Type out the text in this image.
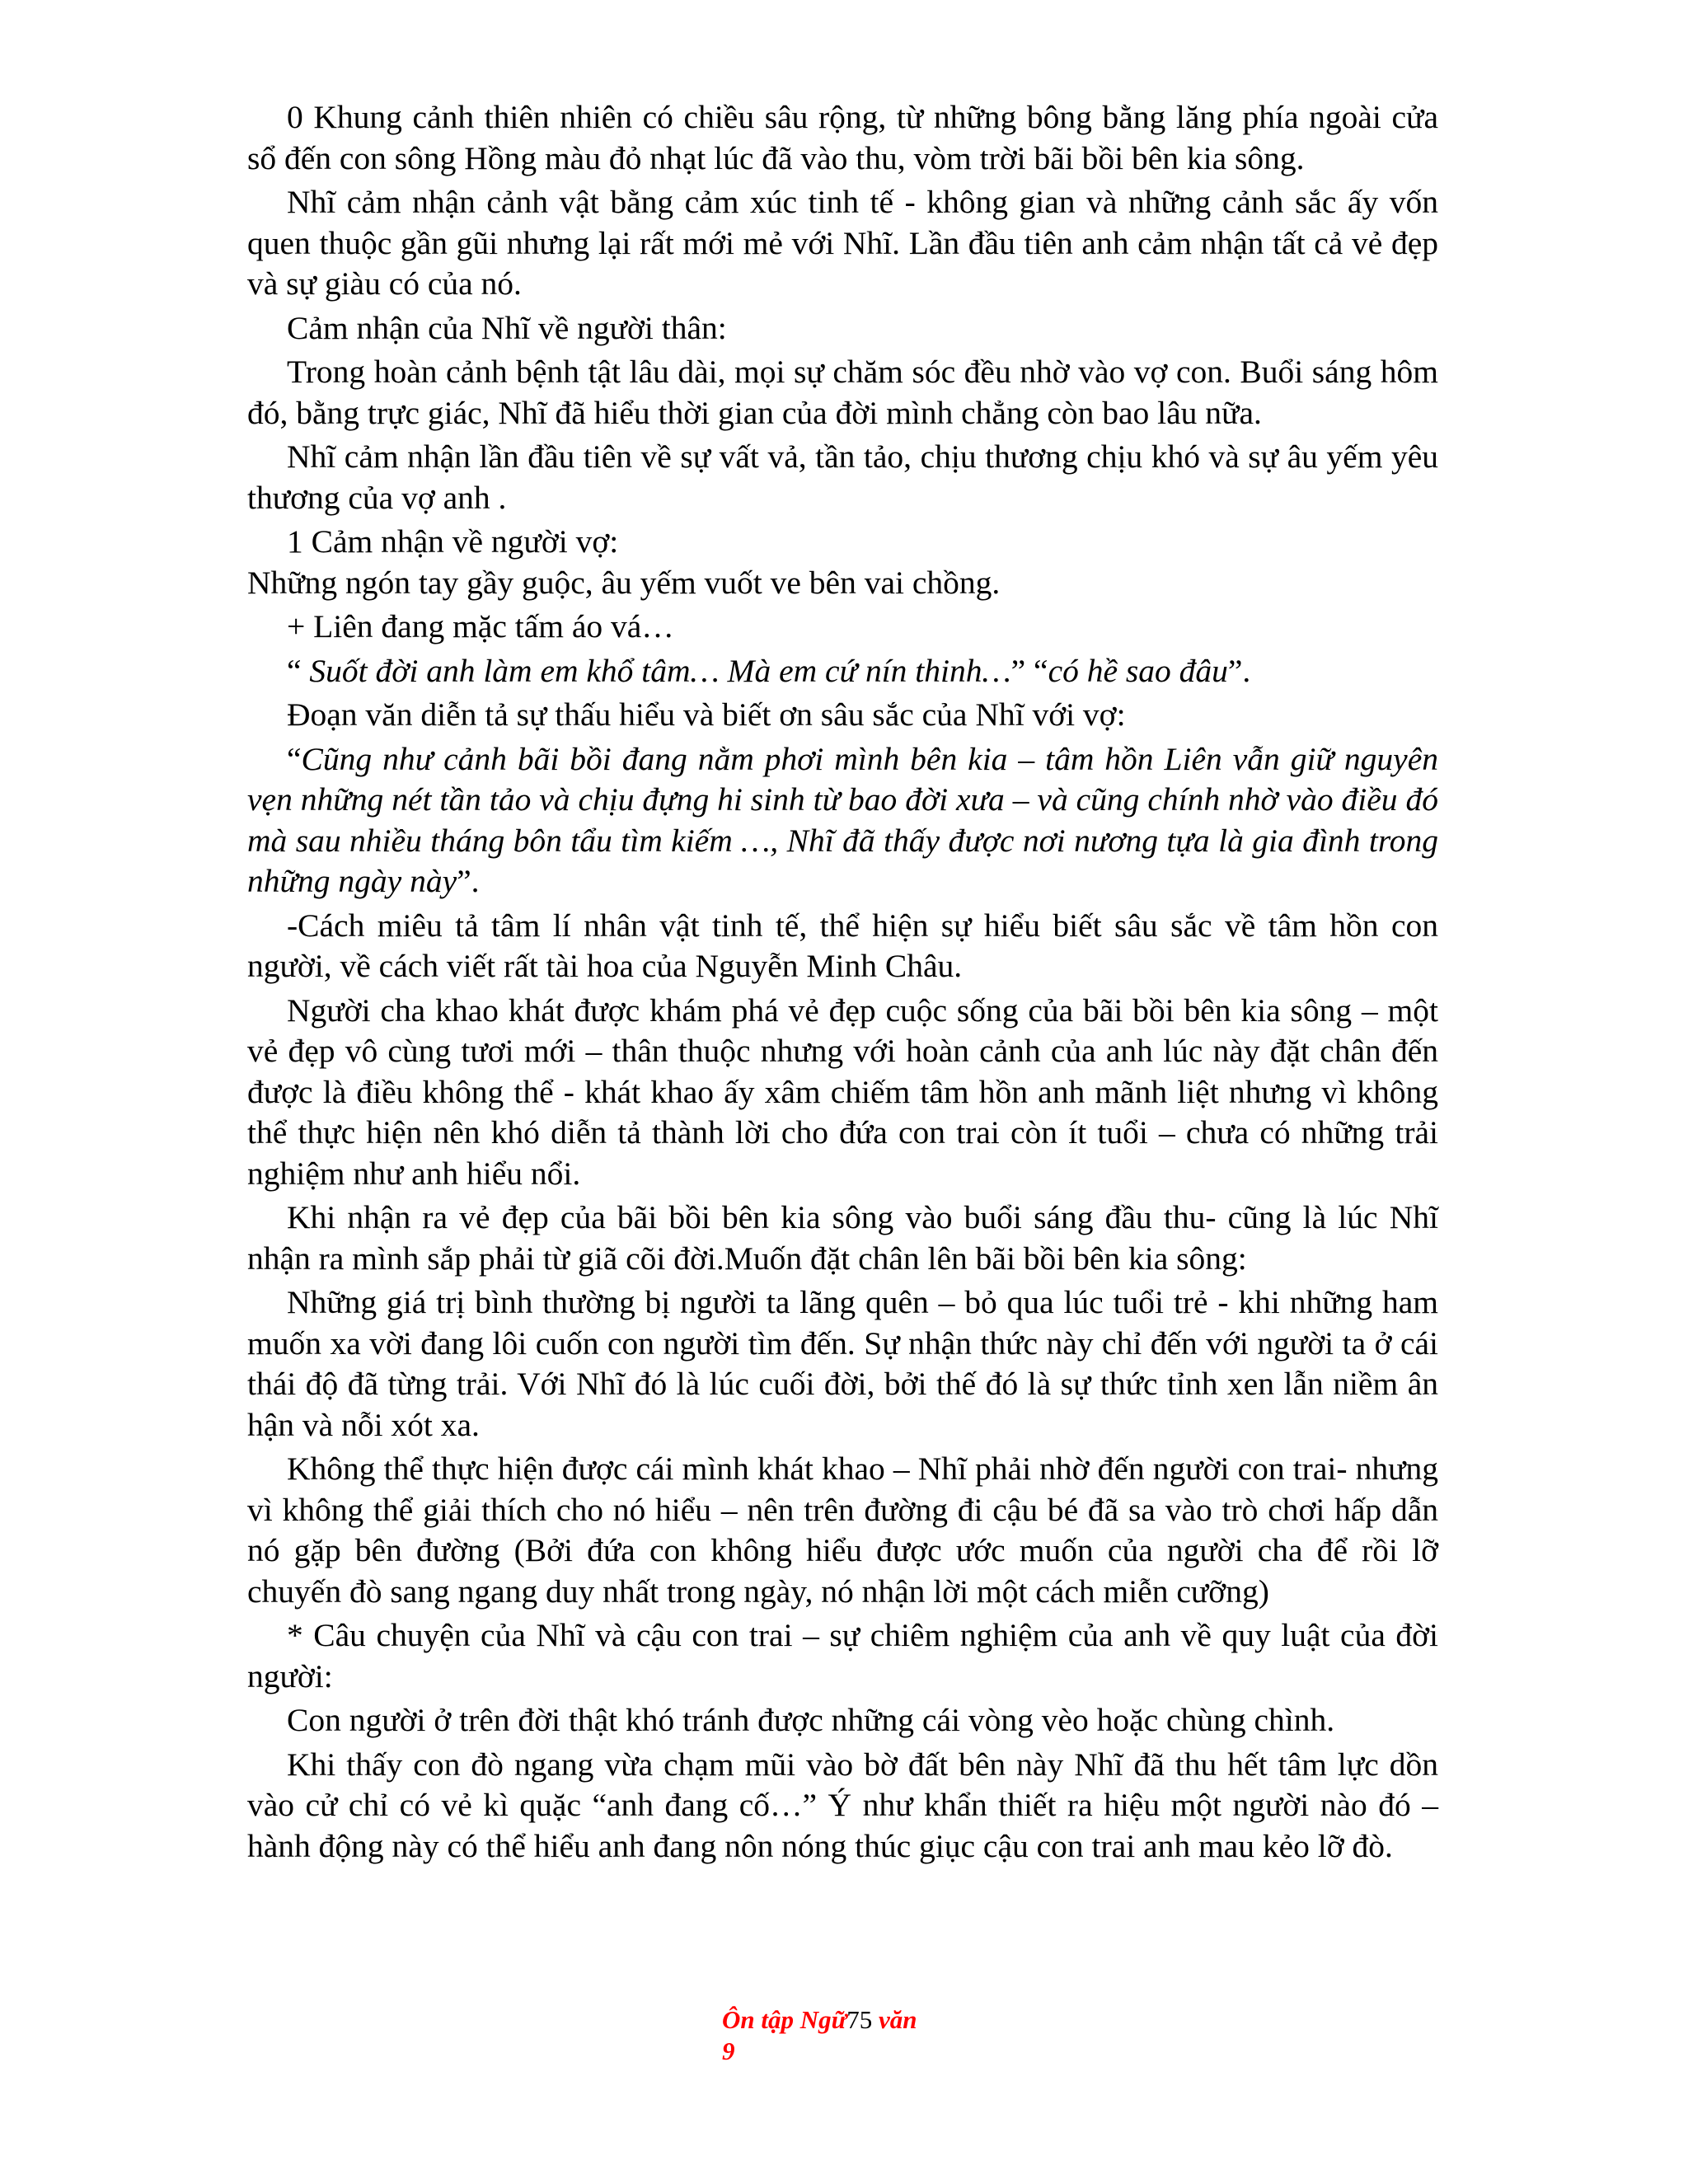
0 Khung cảnh thiên nhiên có chiều sâu rộng, từ những bông bằng lăng phía ngoài cửa sổ đến con sông Hồng màu đỏ nhạt lúc đã vào thu, vòm trời bãi bồi bên kia sông.

Nhĩ cảm nhận cảnh vật bằng cảm xúc tinh tế - không gian và những cảnh sắc ấy vốn quen thuộc gần gũi nhưng lại rất mới mẻ với Nhĩ. Lần đầu tiên anh cảm nhận tất cả vẻ đẹp và sự giàu có của nó.

Cảm nhận của Nhĩ về người thân:

Trong hoàn cảnh bệnh tật lâu dài, mọi sự chăm sóc đều nhờ vào vợ con. Buổi sáng hôm đó, bằng trực giác, Nhĩ đã hiểu thời gian của đời mình chẳng còn bao lâu nữa.

Nhĩ cảm nhận lần đầu tiên về sự vất vả, tần tảo, chịu thương chịu khó và sự âu yếm yêu thương của vợ anh .

1 Cảm nhận về người vợ:

Những ngón tay gầy guộc, âu yếm vuốt ve bên vai chồng.

+ Liên đang mặc tấm áo vá…

“ Suốt đời anh làm em khổ tâm… Mà em cứ nín thinh…” “có hề sao đâu”.

Đoạn văn diễn tả sự thấu hiểu và biết ơn sâu sắc của Nhĩ với vợ:

“Cũng như cảnh bãi bồi đang nằm phơi mình bên kia – tâm hồn Liên vẫn giữ nguyên vẹn những nét tần tảo và chịu đựng hi sinh từ bao đời xưa – và cũng chính nhờ vào điều đó mà sau nhiều tháng bôn tẩu tìm kiếm …, Nhĩ đã thấy được nơi nương tựa là gia đình trong những ngày này”.

-Cách miêu tả tâm lí nhân vật tinh tế, thể hiện sự hiểu biết sâu sắc về tâm hồn con người, về cách viết rất tài hoa của Nguyễn Minh Châu.

Người cha khao khát được khám phá vẻ đẹp cuộc sống của bãi bồi bên kia sông – một vẻ đẹp vô cùng tươi mới – thân thuộc nhưng với hoàn cảnh của anh lúc này đặt chân đến được là điều không thể - khát khao ấy xâm chiếm tâm hồn anh mãnh liệt nhưng vì không thể thực hiện nên khó diễn tả thành lời cho đứa con trai còn ít tuổi – chưa có những trải nghiệm như anh hiểu nổi.

Khi nhận ra vẻ đẹp của bãi bồi bên kia sông vào buổi sáng đầu thu- cũng là lúc Nhĩ nhận ra mình sắp phải từ giã cõi đời.Muốn đặt chân lên bãi bồi bên kia sông:

Những giá trị bình thường bị người ta lãng quên – bỏ qua lúc tuổi trẻ - khi những ham muốn xa vời đang lôi cuốn con người tìm đến. Sự nhận thức này chỉ đến với người ta ở cái thái độ đã từng trải. Với Nhĩ đó là lúc cuối đời, bởi thế đó là sự thức tỉnh xen lẫn niềm ân hận và nỗi xót xa.

Không thể thực hiện được cái mình khát khao – Nhĩ phải nhờ đến người con trai- nhưng vì không thể giải thích cho nó hiểu – nên trên đường đi cậu bé đã sa vào trò chơi hấp dẫn nó gặp bên đường (Bởi đứa con không hiểu được ước muốn của người cha để rồi lỡ chuyến đò sang ngang duy nhất trong ngày, nó nhận lời một cách miễn cưỡng)

* Câu chuyện của Nhĩ và cậu con trai – sự chiêm nghiệm của anh về quy luật của đời người:

Con người ở trên đời thật khó tránh được những cái vòng vèo hoặc chùng chình.

Khi thấy con đò ngang vừa chạm mũi vào bờ đất bên này Nhĩ đã thu hết tâm lực dồn vào cử chỉ có vẻ kì quặc “anh đang cố…” Ý như khẩn thiết ra hiệu một người nào đó – hành động này có thể hiểu anh đang nôn nóng thúc giục cậu con trai anh mau kẻo lỡ đò.

Ôn tập Ngữ75 văn
9
